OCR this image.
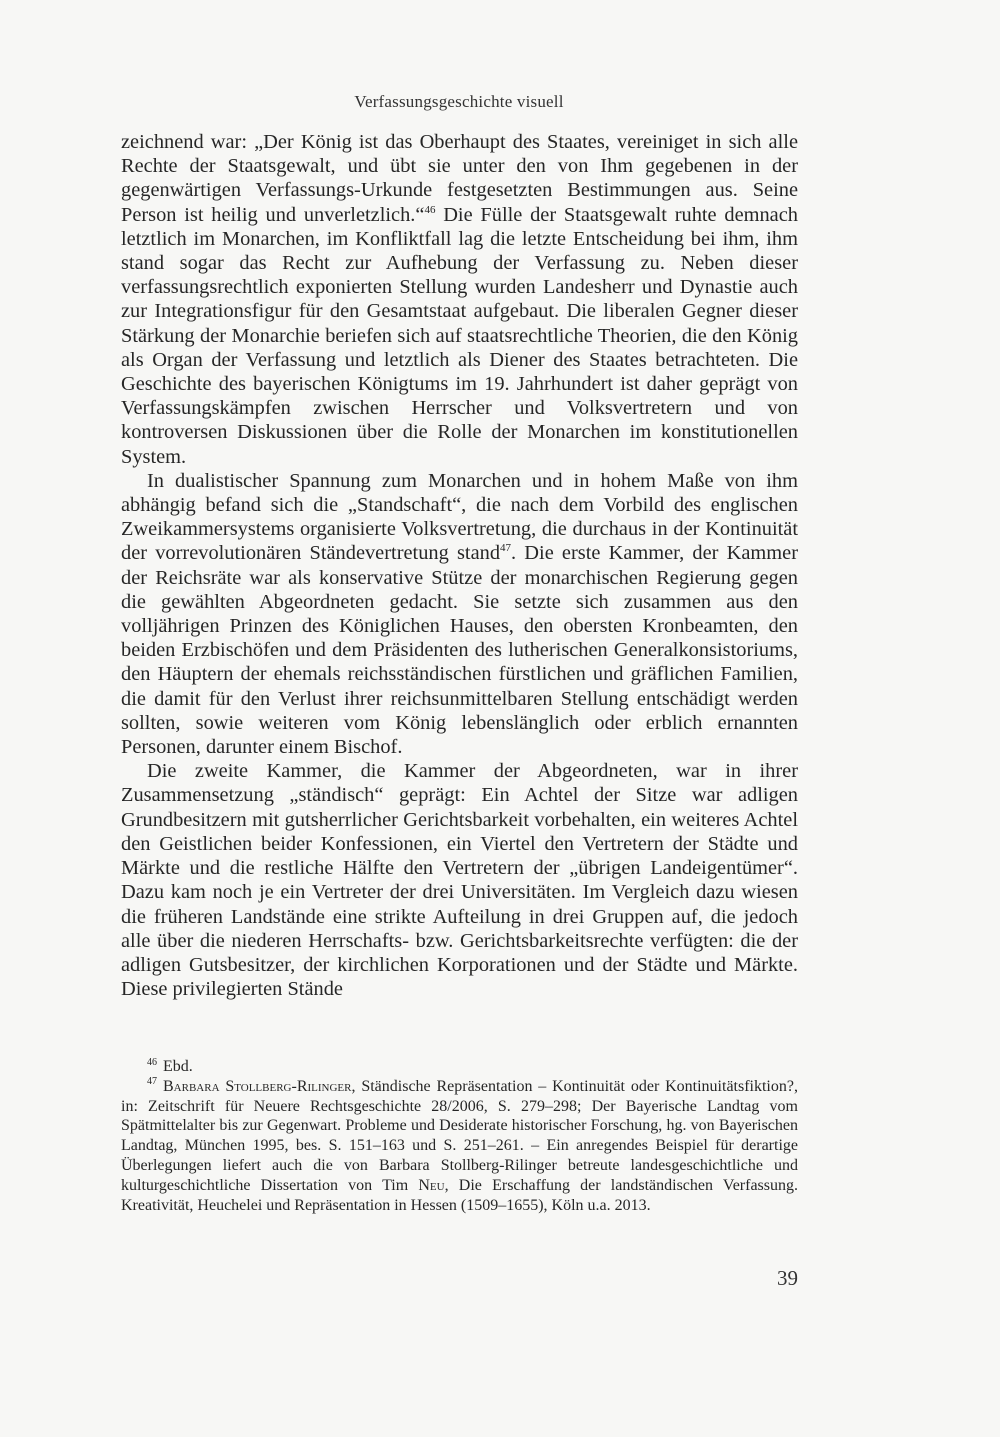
Verfassungsgeschichte visuell

zeichnend war: „Der König ist das Oberhaupt des Staates, vereiniget in sich alle Rechte der Staatsgewalt, und übt sie unter den von Ihm gegebenen in der gegenwärtigen Verfassungs-Urkunde festgesetzten Bestimmungen aus. Seine Person ist heilig und unverletzlich.“$^{46}$ Die Fülle der Staatsgewalt ruhte demnach letztlich im Monarchen, im Konfliktfall lag die letzte Entscheidung bei ihm, ihm stand sogar das Recht zur Aufhebung der Verfassung zu. Neben dieser verfassungsrechtlich exponierten Stellung wurden Landesherr und Dynastie auch zur Integrationsfigur für den Gesamtstaat aufgebaut. Die liberalen Gegner dieser Stärkung der Monarchie beriefen sich auf staatsrechtliche Theorien, die den König als Organ der Verfassung und letztlich als Diener des Staates betrachteten. Die Geschichte des bayerischen Königtums im 19. Jahrhundert ist daher geprägt von Verfassungskämpfen zwischen Herrscher und Volksvertretern und von kontroversen Diskussionen über die Rolle der Monarchen im konstitutionellen System.

In dualistischer Spannung zum Monarchen und in hohem Maße von ihm abhängig befand sich die „Standschaft“, die nach dem Vorbild des englischen Zweikammersystems organisierte Volksvertretung, die durchaus in der Kontinuität der vorrevolutionären Ständevertretung stand$^{47}$. Die erste Kammer, der Kammer der Reichsräte war als konservative Stütze der monarchischen Regierung gegen die gewählten Abgeordneten gedacht. Sie setzte sich zusammen aus den volljährigen Prinzen des Königlichen Hauses, den obersten Kronbeamten, den beiden Erzbischöfen und dem Präsidenten des lutherischen Generalkonsistoriums, den Häuptern der ehemals reichsständischen fürstlichen und gräflichen Familien, die damit für den Verlust ihrer reichsunmittelbaren Stellung entschädigt werden sollten, sowie weiteren vom König lebenslänglich oder erblich ernannten Personen, darunter einem Bischof.

Die zweite Kammer, die Kammer der Abgeordneten, war in ihrer Zusammensetzung „ständisch“ geprägt: Ein Achtel der Sitze war adligen Grundbesitzern mit gutsherrlicher Gerichtsbarkeit vorbehalten, ein weiteres Achtel den Geistlichen beider Konfessionen, ein Viertel den Vertretern der Städte und Märkte und die restliche Hälfte den Vertretern der „übrigen Landeigentümer“. Dazu kam noch je ein Vertreter der drei Universitäten. Im Vergleich dazu wiesen die früheren Landstände eine strikte Aufteilung in drei Gruppen auf, die jedoch alle über die niederen Herrschafts- bzw. Gerichtsbarkeitsrechte verfügten: die der adligen Gutsbesitzer, der kirchlichen Korporationen und der Städte und Märkte. Diese privilegierten Stände

$^{46}$ Ebd.

$^{47}$ Barbara Stollberg-Rilinger, Ständische Repräsentation – Kontinuität oder Kontinuitätsfiktion?, in: Zeitschrift für Neuere Rechtsgeschichte 28/2006, S. 279–298; Der Bayerische Landtag vom Spätmittelalter bis zur Gegenwart. Probleme und Desiderate historischer Forschung, hg. von Bayerischen Landtag, München 1995, bes. S. 151–163 und S. 251–261. – Ein anregendes Beispiel für derartige Überlegungen liefert auch die von Barbara Stollberg-Rilinger betreute landesgeschichtliche und kulturgeschichtliche Dissertation von Tim Neu, Die Erschaffung der landständischen Verfassung. Kreativität, Heuchelei und Repräsentation in Hessen (1509–1655), Köln u.a. 2013.

39
